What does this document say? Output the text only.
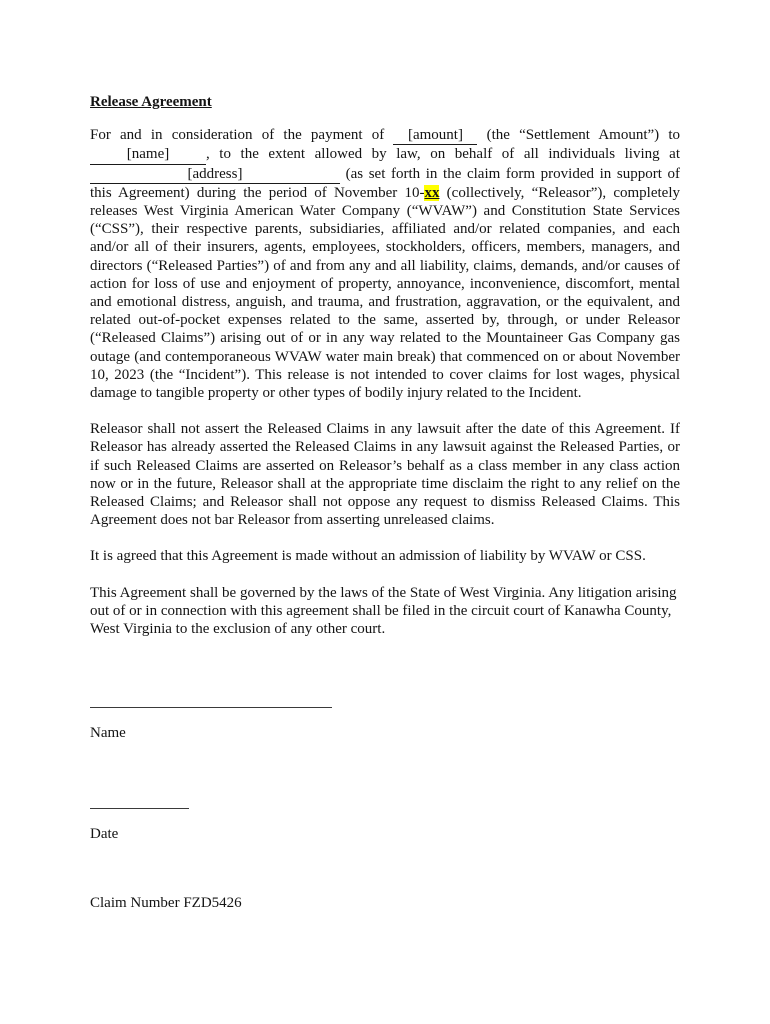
Release Agreement

For and in consideration of the payment of [amount] (the “Settlement Amount”) to [name] , to the extent allowed by law, on behalf of all individuals living at [address]	(as set forth in the claim form provided in support of this Agreement) during the period of November 10-xx (collectively, “Releasor”), completely releases West Virginia American Water Company (“WVAW”) and Constitution State Services (“CSS”), their respective parents, subsidiaries, affiliated and/or related companies, and each and/or all of their insurers, agents, employees, stockholders, officers, members, managers, and directors (“Released Parties”) of and from any and all liability, claims, demands, and/or causes of action for loss of use and enjoyment of property, annoyance, inconvenience, discomfort, mental and emotional distress, anguish, and trauma, and frustration, aggravation, or the equivalent, and related out-of-pocket expenses related to the same, asserted by, through, or under Releasor (“Released Claims”) arising out of or in any way related to the Mountaineer Gas Company gas outage (and contemporaneous WVAW water main break) that commenced on or about November 10, 2023 (the “Incident”). This release is not intended to cover claims for lost wages, physical damage to tangible property or other types of bodily injury related to the Incident.

Releasor shall not assert the Released Claims in any lawsuit after the date of this Agreement. If Releasor has already asserted the Released Claims in any lawsuit against the Released Parties, or if such Released Claims are asserted on Releasor’s behalf as a class member in any class action now or in the future, Releasor shall at the appropriate time disclaim the right to any relief on the Released Claims; and Releasor shall not oppose any request to dismiss Released Claims. This Agreement does not bar Releasor from asserting unreleased claims.

It is agreed that this Agreement is made without an admission of liability by WVAW or CSS.

This Agreement shall be governed by the laws of the State of West Virginia. Any litigation arising out of or in connection with this agreement shall be filed in the circuit court of Kanawha County, West Virginia to the exclusion of any other court.

Name
Date
Claim Number FZD5426
